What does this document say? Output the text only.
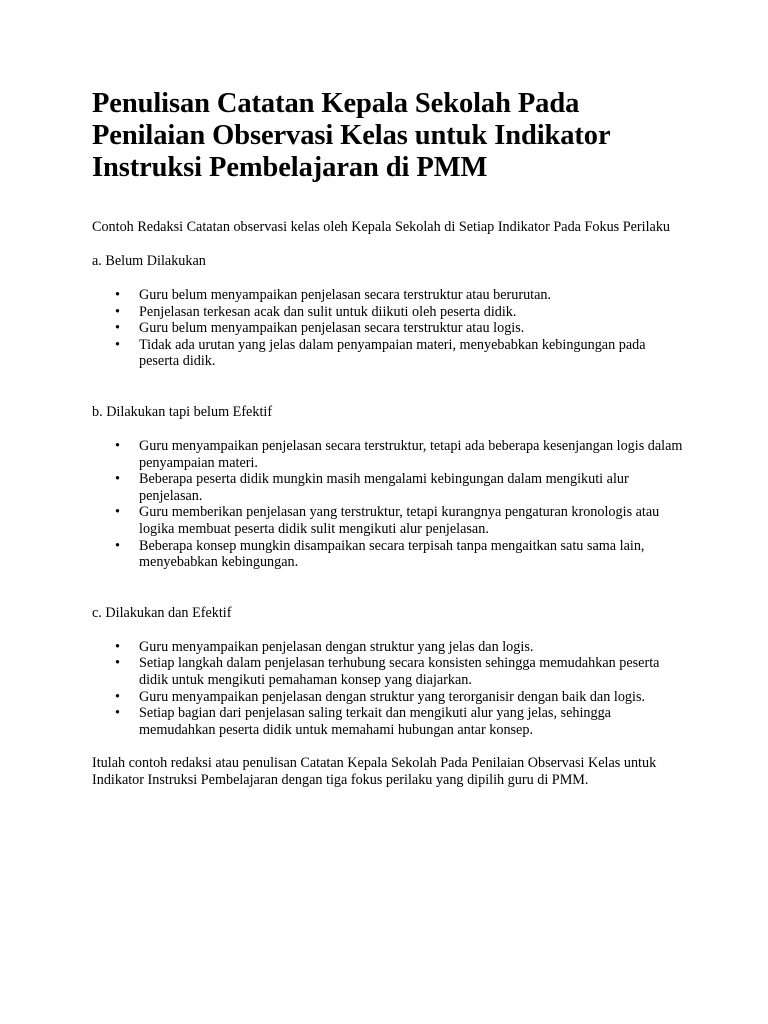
Penulisan Catatan Kepala Sekolah Pada Penilaian Observasi Kelas untuk Indikator Instruksi Pembelajaran di PMM

Contoh Redaksi Catatan observasi kelas oleh Kepala Sekolah di Setiap Indikator Pada Fokus Perilaku

a. Belum Dilakukan

• Guru belum menyampaikan penjelasan secara terstruktur atau berurutan.
• Penjelasan terkesan acak dan sulit untuk diikuti oleh peserta didik.
• Guru belum menyampaikan penjelasan secara terstruktur atau logis.
• Tidak ada urutan yang jelas dalam penyampaian materi, menyebabkan kebingungan pada peserta didik.

b. Dilakukan tapi belum Efektif

• Guru menyampaikan penjelasan secara terstruktur, tetapi ada beberapa kesenjangan logis dalam penyampaian materi.
• Beberapa peserta didik mungkin masih mengalami kebingungan dalam mengikuti alur penjelasan.
• Guru memberikan penjelasan yang terstruktur, tetapi kurangnya pengaturan kronologis atau logika membuat peserta didik sulit mengikuti alur penjelasan.
• Beberapa konsep mungkin disampaikan secara terpisah tanpa mengaitkan satu sama lain, menyebabkan kebingungan.

c. Dilakukan dan Efektif

• Guru menyampaikan penjelasan dengan struktur yang jelas dan logis.
• Setiap langkah dalam penjelasan terhubung secara konsisten sehingga memudahkan peserta didik untuk mengikuti pemahaman konsep yang diajarkan.
• Guru menyampaikan penjelasan dengan struktur yang terorganisir dengan baik dan logis.
• Setiap bagian dari penjelasan saling terkait dan mengikuti alur yang jelas, sehingga memudahkan peserta didik untuk memahami hubungan antar konsep.

Itulah contoh redaksi atau penulisan Catatan Kepala Sekolah Pada Penilaian Observasi Kelas untuk Indikator Instruksi Pembelajaran dengan tiga fokus perilaku yang dipilih guru di PMM.
